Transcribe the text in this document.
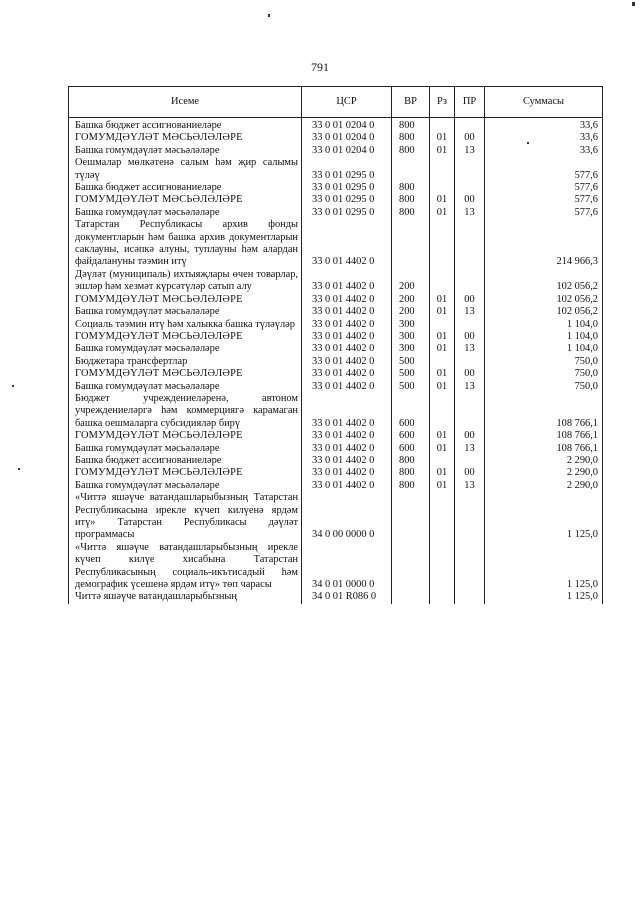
791
Исеме	ЦСР	ВР	Рз	ПР	Суммасы
Башка бюджет ассигнованиеләре	33 0 01 0204 0	800			33,6
ГОМУМДӘҮЛӘТ МӘСЬӘЛӘЛӘРЕ	33 0 01 0204 0	800	01	00	33,6
Башка гомумдәүләт мәсьәләләре	33 0 01 0204 0	800	01	13	33,6
Оешмалар мөлкәтенә салым һәм җир салымы түләү	33 0 01 0295 0				577,6
Башка бюджет ассигнованиеләре	33 0 01 0295 0	800			577,6
ГОМУМДӘҮЛӘТ МӘСЬӘЛӘЛӘРЕ	33 0 01 0295 0	800	01	00	577,6
Башка гомумдәүләт мәсьәләләре	33 0 01 0295 0	800	01	13	577,6
Татарстан Республикасы архив фонды документларын һәм башка архив документларын саклауны, исәпкә алуны, туплауны һәм алардан файдалануны тәэмин итү	33 0 01 4402 0				214 966,3
Дәүләт (муниципаль) ихтыяҗлары өчен товарлар, эшләр һәм хезмәт күрсәтүләр сатып алу	33 0 01 4402 0	200			102 056,2
ГОМУМДӘҮЛӘТ МӘСЬӘЛӘЛӘРЕ	33 0 01 4402 0	200	01	00	102 056,2
Башка гомумдәүләт мәсьәләләре	33 0 01 4402 0	200	01	13	102 056,2
Социаль тәэмин итү һәм халыкка башка түләүләр	33 0 01 4402 0	300			1 104,0
ГОМУМДӘҮЛӘТ МӘСЬӘЛӘЛӘРЕ	33 0 01 4402 0	300	01	00	1 104,0
Башка гомумдәүләт мәсьәләләре	33 0 01 4402 0	300	01	13	1 104,0
Бюджетара трансфертлар	33 0 01 4402 0	500			750,0
ГОМУМДӘҮЛӘТ МӘСЬӘЛӘЛӘРЕ	33 0 01 4402 0	500	01	00	750,0
Башка гомумдәүләт мәсьәләләре	33 0 01 4402 0	500	01	13	750,0
Бюджет учреждениеләренә, автоном учреждениеләргә һәм коммерциягә карамаган башка оешмаларга субсидияләр бирү	33 0 01 4402 0	600			108 766,1
ГОМУМДӘҮЛӘТ МӘСЬӘЛӘЛӘРЕ	33 0 01 4402 0	600	01	00	108 766,1
Башка гомумдәүләт мәсьәләләре	33 0 01 4402 0	600	01	13	108 766,1
Башка бюджет ассигнованиеләре	33 0 01 4402 0	800			2 290,0
ГОМУМДӘҮЛӘТ МӘСЬӘЛӘЛӘРЕ	33 0 01 4402 0	800	01	00	2 290,0
Башка гомумдәүләт мәсьәләләре	33 0 01 4402 0	800	01	13	2 290,0
«Читтә яшәүче ватандашларыбызның Татарстан Республикасына ирекле күчеп килүенә ярдәм итү» Татарстан Республикасы дәүләт программасы	34 0 00 0000 0				1 125,0
«Читтә яшәүче ватандашларыбызның ирекле күчеп килүе хисабына Татарстан Республикасының социаль-икътисадый һәм демографик үсешенә ярдәм итү» төп чарасы	34 0 01 0000 0				1 125,0
Читтә яшәүче ватандашларыбызның	34 0 01 R086 0				1 125,0
